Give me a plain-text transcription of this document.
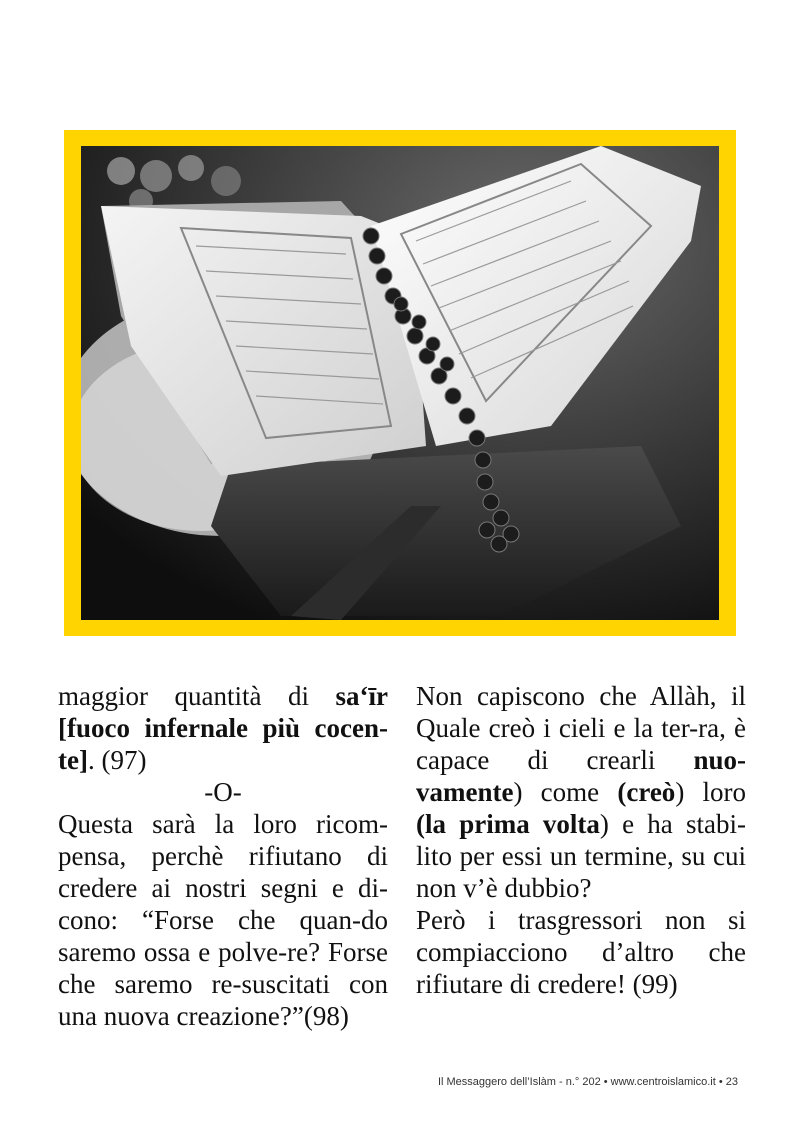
maggior quantità di sa‘īr [fuoco infernale più cocen-te]. (97)

-O-

Questa sarà la loro ricom-pensa, perchè rifiutano di credere ai nostri segni e di-cono: “Forse che quan-do saremo ossa e polve-re? Forse che saremo re-suscitati con una nuova creazione?”(98)

Non capiscono che Allàh, il Quale creò i cieli e la ter-ra, è capace di crearli nuo-vamente) come (creò) loro (la prima volta) e ha stabi-lito per essi un termine, su cui non v’è dubbio?

Però i trasgressori non si compiacciono d’altro che rifiutare di credere! (99)

Il Messaggero dell’Islàm - n.° 202 • www.centroislamico.it • 23
